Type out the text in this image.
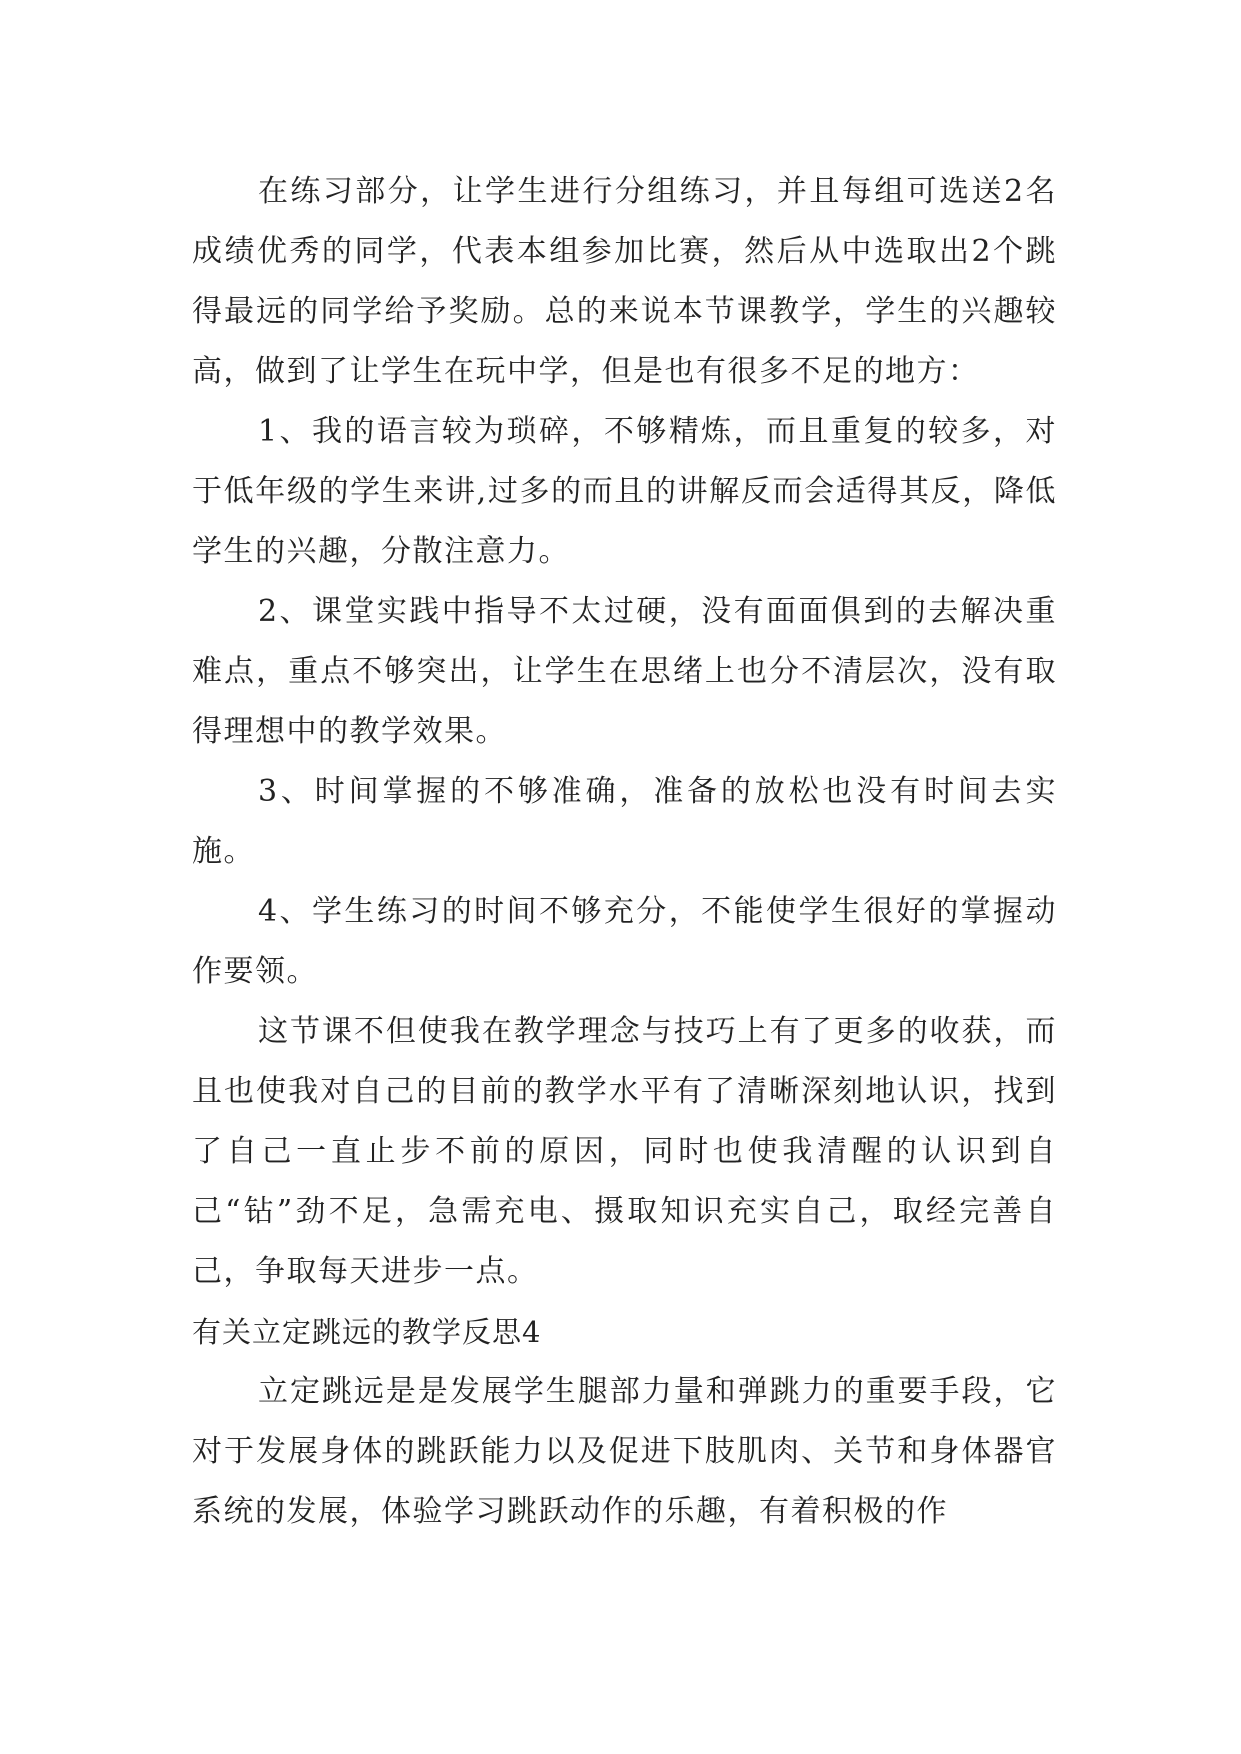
在练习部分，让学生进行分组练习，并且每组可选送2名成绩优秀的同学，代表本组参加比赛，然后从中选取出2个跳得最远的同学给予奖励。总的来说本节课教学，学生的兴趣较高，做到了让学生在玩中学，但是也有很多不足的地方：

1、我的语言较为琐碎，不够精炼，而且重复的较多，对于低年级的学生来讲,过多的而且的讲解反而会适得其反，降低学生的兴趣，分散注意力。

2、课堂实践中指导不太过硬，没有面面俱到的去解决重难点，重点不够突出，让学生在思绪上也分不清层次，没有取得理想中的教学效果。

3、时间掌握的不够准确，准备的放松也没有时间去实施。

4、学生练习的时间不够充分，不能使学生很好的掌握动作要领。

这节课不但使我在教学理念与技巧上有了更多的收获，而且也使我对自己的目前的教学水平有了清晰深刻地认识，找到了自己一直止步不前的原因，同时也使我清醒的认识到自己“钻”劲不足，急需充电、摄取知识充实自己，取经完善自己，争取每天进步一点。

有关立定跳远的教学反思4

立定跳远是是发展学生腿部力量和弹跳力的重要手段，它对于发展身体的跳跃能力以及促进下肢肌肉、关节和身体器官系统的发展，体验学习跳跃动作的乐趣，有着积极的作
